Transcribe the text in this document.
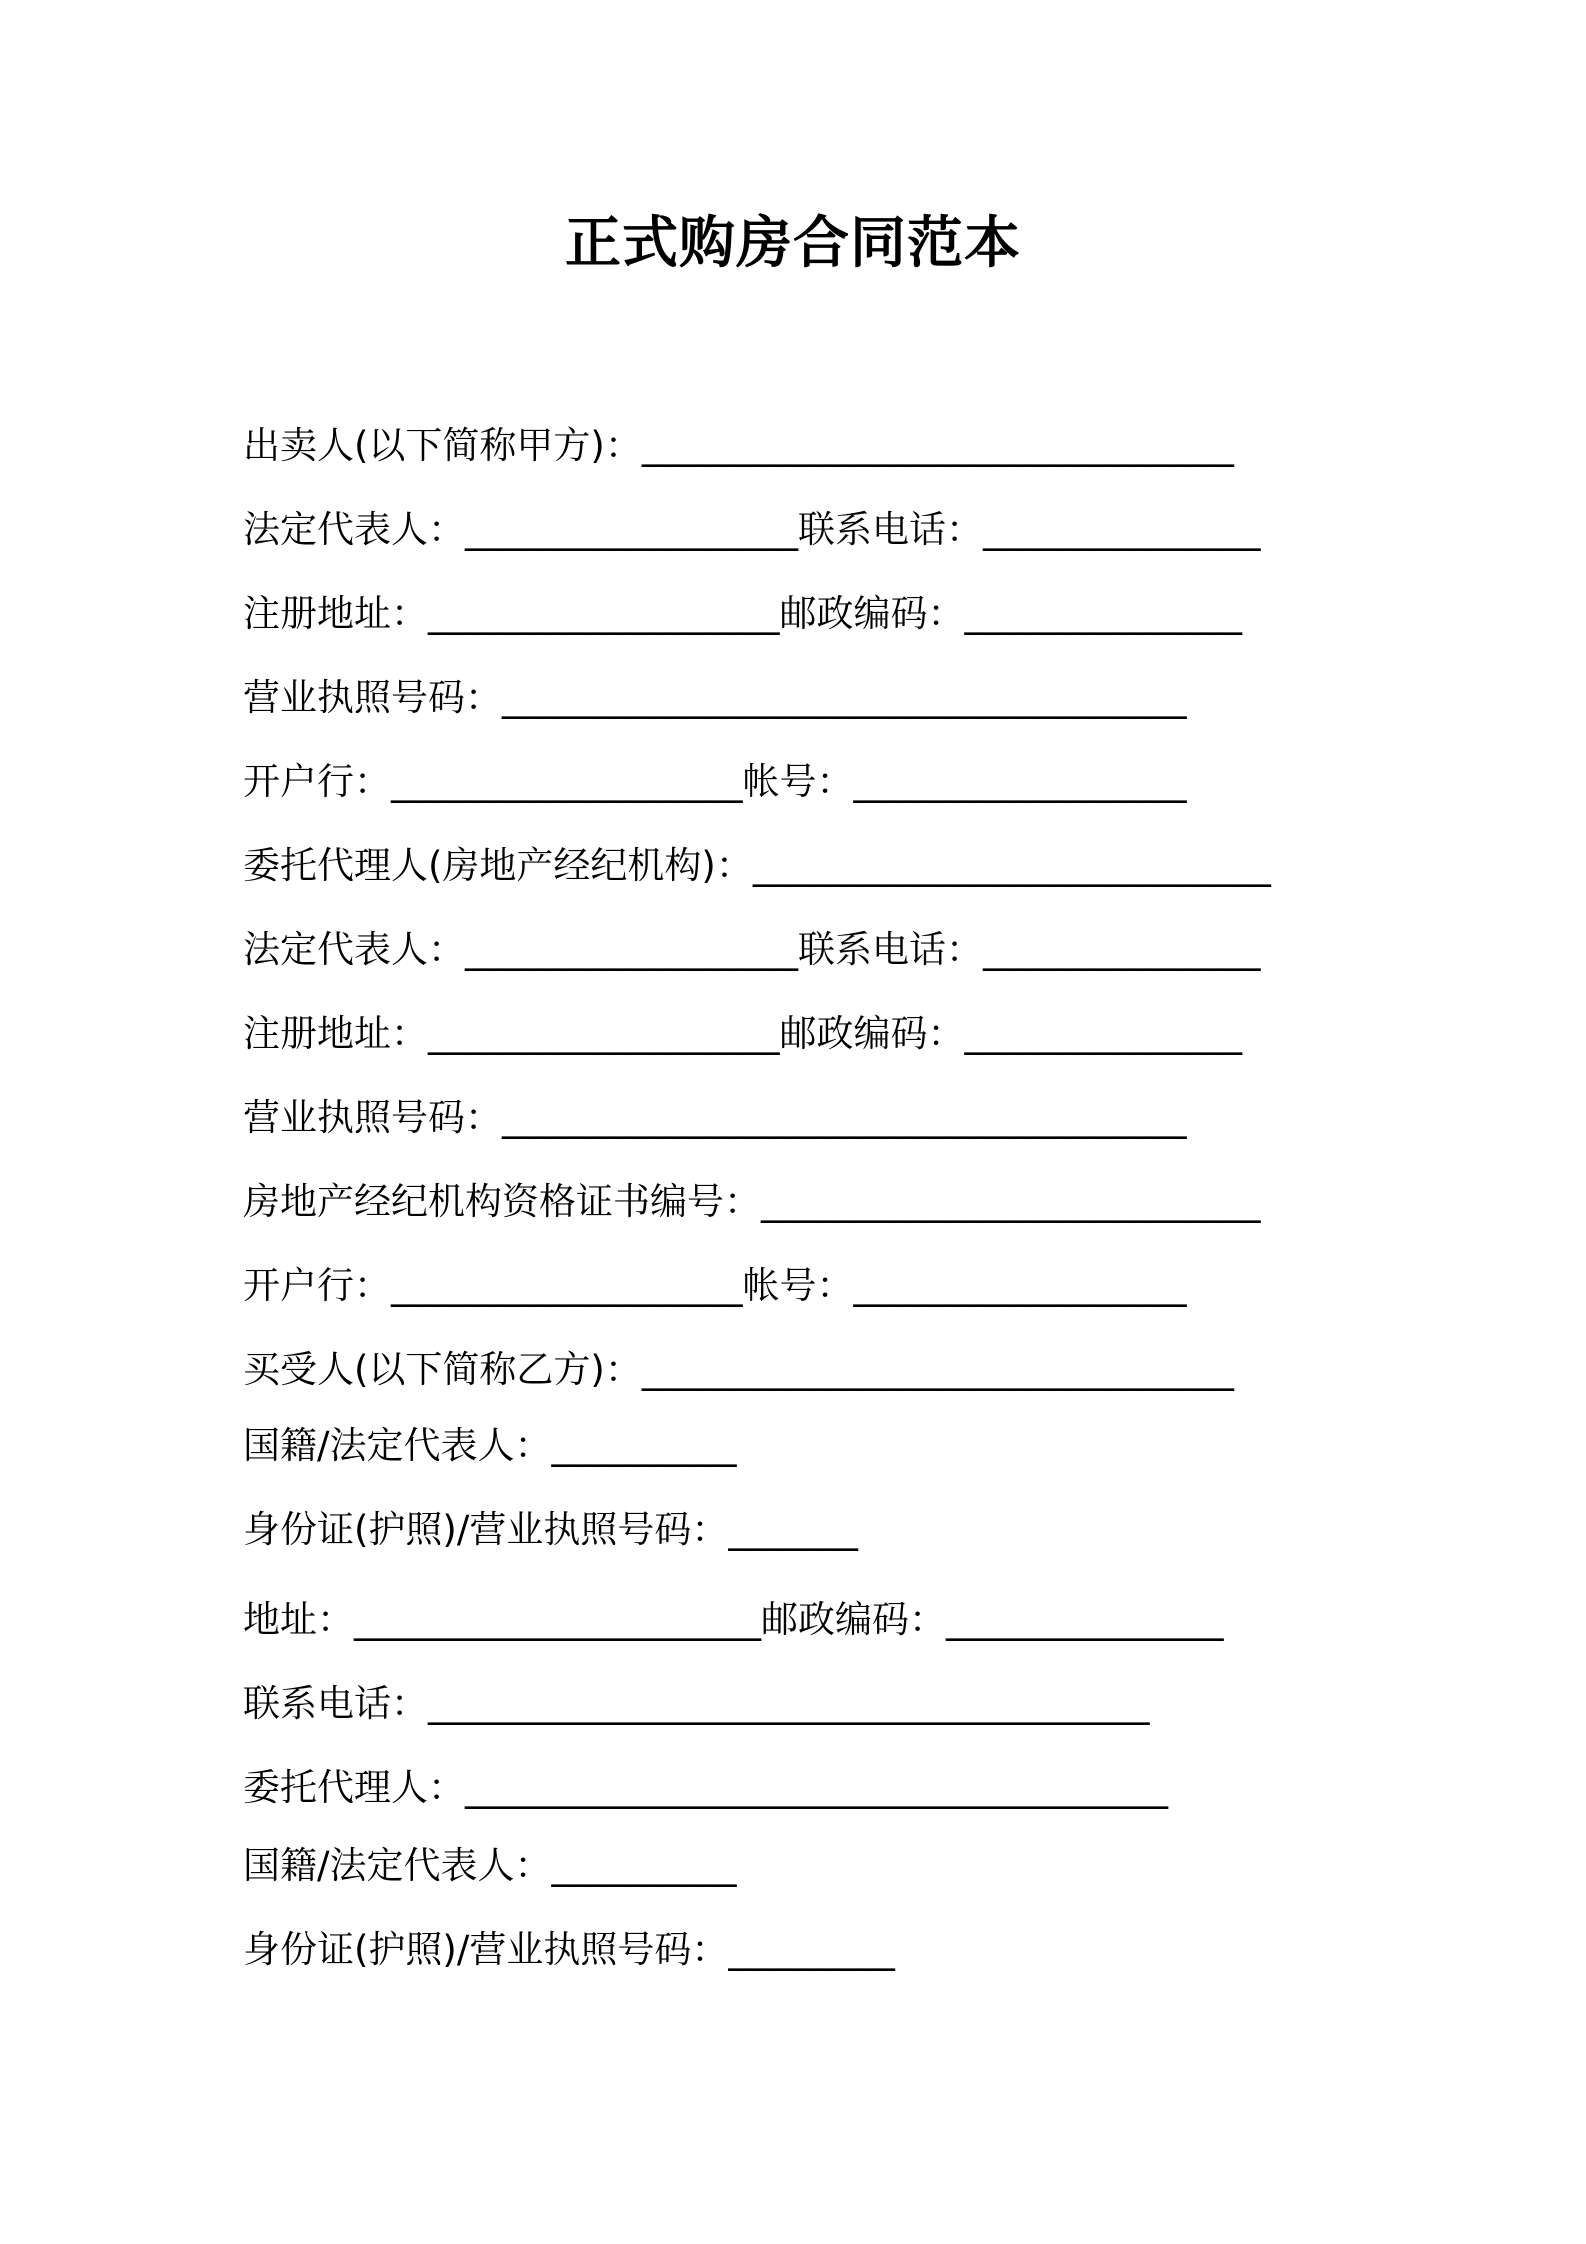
正式购房合同范本
出卖人(以下简称甲方)：________________________________
法定代表人：__________________联系电话：_______________
注册地址：___________________邮政编码：_______________
营业执照号码：_____________________________________
开户行：___________________帐号：__________________
委托代理人(房地产经纪机构)：____________________________
法定代表人：__________________联系电话：_______________
注册地址：___________________邮政编码：_______________
营业执照号码：_____________________________________
房地产经纪机构资格证书编号：___________________________
开户行：___________________帐号：__________________
买受人(以下简称乙方)：________________________________
国籍/法定代表人：__________
身份证(护照)/营业执照号码：_______
地址：______________________邮政编码：_______________
联系电话：_______________________________________
委托代理人：______________________________________
国籍/法定代表人：__________
身份证(护照)/营业执照号码：_________
